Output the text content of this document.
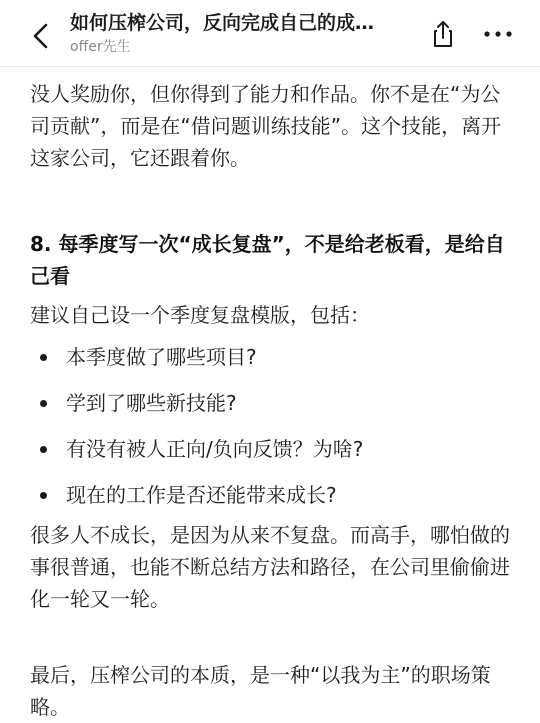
如何压榨公司，反向完成自己的成…
offer先生

没人奖励你，但你得到了能力和作品。你不是在“为公司贡献”，而是在“借问题训练技能”。这个技能，离开这家公司，它还跟着你。

8. 每季度写一次“成长复盘”，不是给老板看，是给自己看

建议自己设一个季度复盘模版，包括：

本季度做了哪些项目?
学到了哪些新技能?
有没有被人正向/负向反馈？为啥?
现在的工作是否还能带来成长?

很多人不成长，是因为从来不复盘。而高手，哪怕做的事很普通，也能不断总结方法和路径，在公司里偷偷进化一轮又一轮。

最后，压榨公司的本质，是一种“以我为主”的职场策略。
